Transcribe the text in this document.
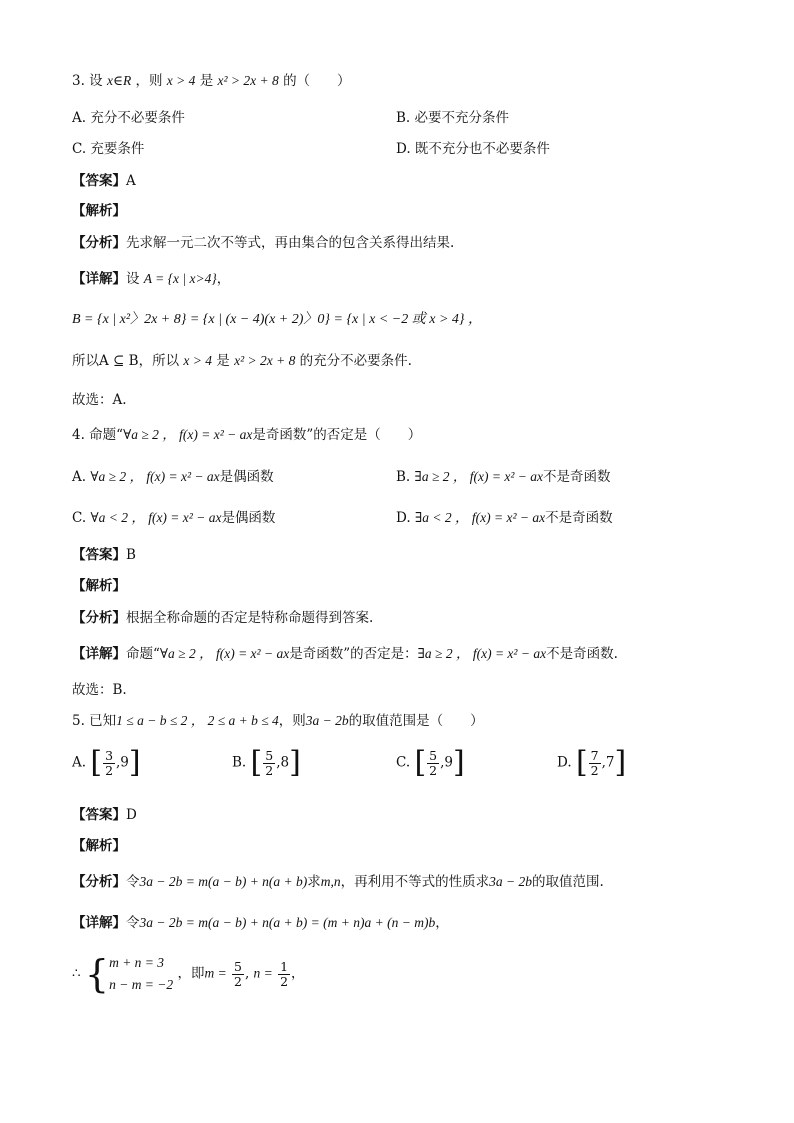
3. 设 x∈R ，则 x > 4 是 x² > 2x + 8 的（　　）
A. 充分不必要条件	B. 必要不充分条件
C. 充要条件	D. 既不充分也不必要条件
【答案】A
【解析】
【分析】先求解一元二次不等式，再由集合的包含关系得出结果.
【详解】设 A = {x | x>4}，
B = {x | x²〉2x + 8} = {x | (x − 4)(x + 2)〉0} = {x | x < −2 或 x > 4} ，
所以A ⊆ B，所以 x > 4 是 x² > 2x + 8 的充分不必要条件.
故选：A.
4. 命题“∀a ≥ 2 ， f(x) = x² − ax是奇函数”的否定是（　　）
A. ∀a ≥ 2 ， f(x) = x² − ax是偶函数	B. ∃a ≥ 2 ， f(x) = x² − ax不是奇函数
C. ∀a < 2 ， f(x) = x² − ax是偶函数	D. ∃a < 2 ， f(x) = x² − ax不是奇函数
【答案】B
【解析】
【分析】根据全称命题的否定是特称命题得到答案.
【详解】命题“∀a ≥ 2 ， f(x) = x² − ax是奇函数”的否定是：∃a ≥ 2 ， f(x) = x² − ax不是奇函数.
故选：B.
5. 已知1 ≤ a − b ≤ 2 ， 2 ≤ a + b ≤ 4，则3a − 2b的取值范围是（　　）
A. [ $\frac{3}{2} ,9$]	B. [ $\frac{5}{2} ,8$]	C. [ $\frac{5}{2} ,9$]	D. [ $\frac{7}{2} ,7$]
【答案】D
【解析】
【分析】令3a − 2b = m(a − b) + n(a + b)求m,n，再利用不等式的性质求3a − 2b的取值范围.
【详解】令3a − 2b = m(a − b) + n(a + b) = (m + n)a + (n − m)b，
∴ { m + n = 3
n − m = −2
，即$m = \frac{5}{2}$ , $n = \frac{1}{2}$ ，
